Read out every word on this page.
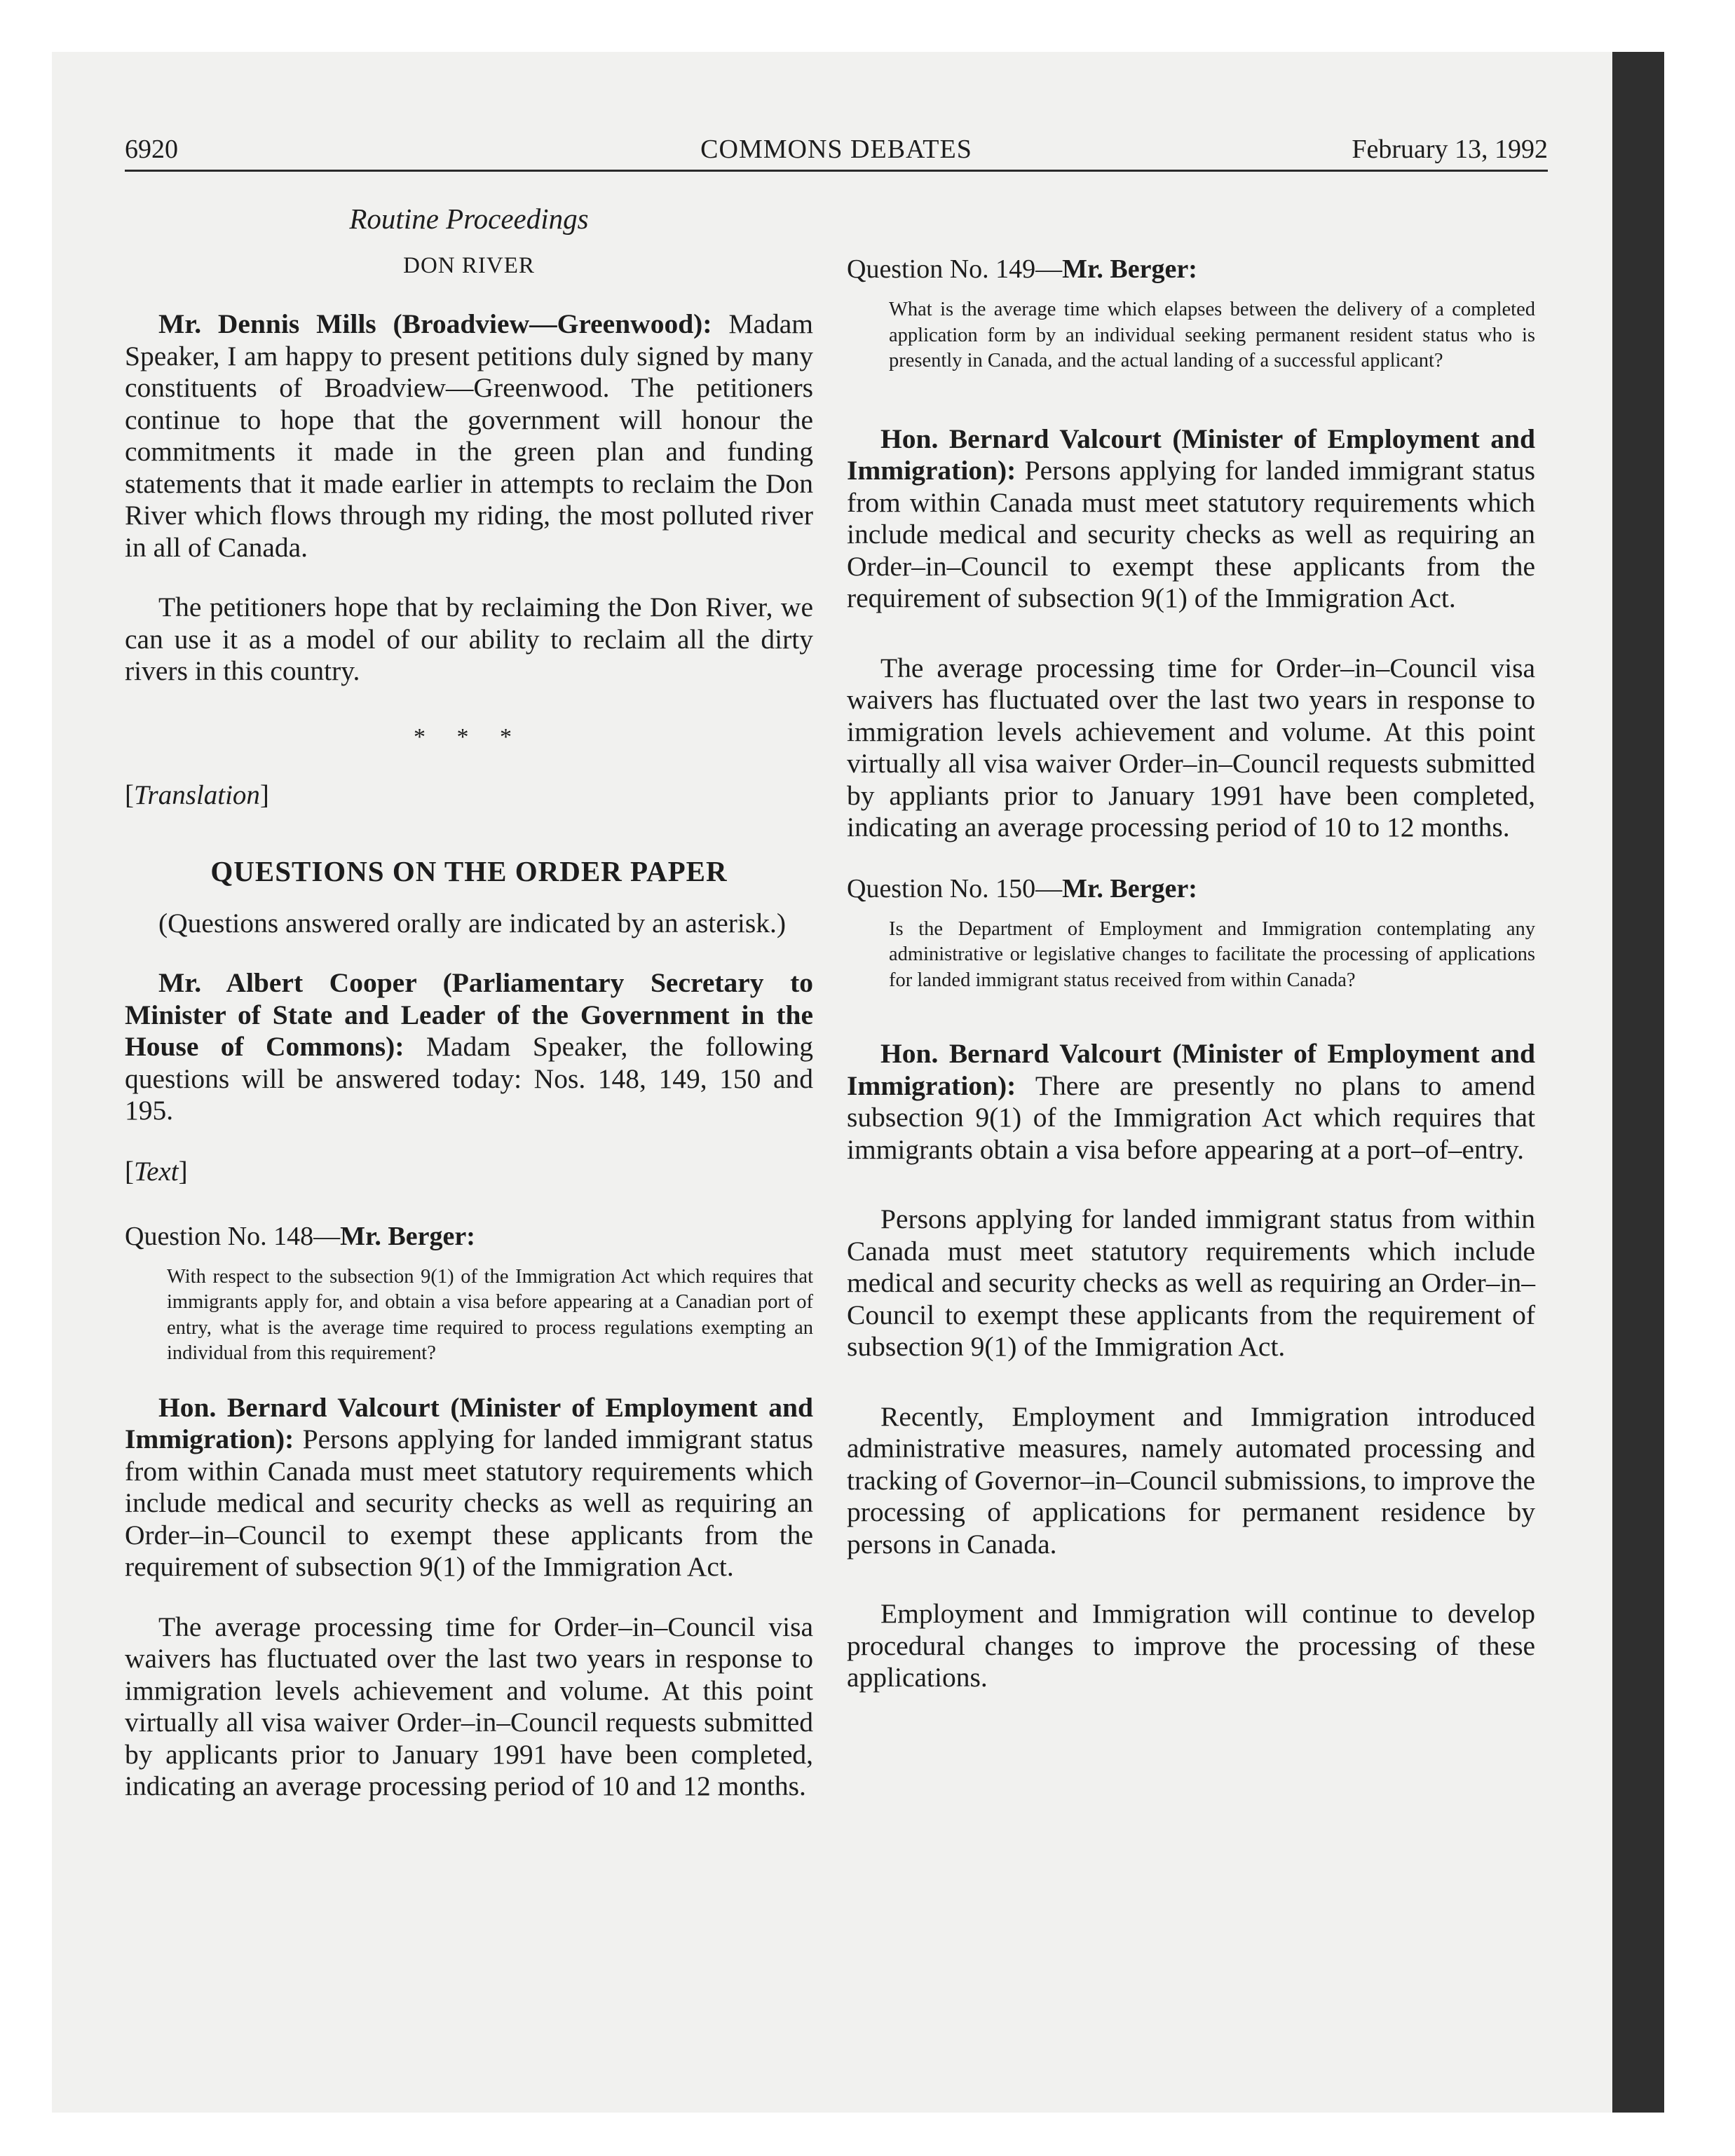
6920	COMMONS DEBATES	February 13, 1992

Routine Proceedings

DON RIVER

Mr. Dennis Mills (Broadview—Greenwood): Madam Speaker, I am happy to present petitions duly signed by many constituents of Broadview—Greenwood. The petitioners continue to hope that the government will honour the commitments it made in the green plan and funding statements that it made earlier in attempts to reclaim the Don River which flows through my riding, the most polluted river in all of Canada.

The petitioners hope that by reclaiming the Don River, we can use it as a model of our ability to reclaim all the dirty rivers in this country.

* * *

[Translation]

QUESTIONS ON THE ORDER PAPER

(Questions answered orally are indicated by an asterisk.)

Mr. Albert Cooper (Parliamentary Secretary to Minister of State and Leader of the Government in the House of Commons): Madam Speaker, the following questions will be answered today: Nos. 148, 149, 150 and 195.

[Text]

Question No. 148—Mr. Berger:

With respect to the subsection 9(1) of the Immigration Act which requires that immigrants apply for, and obtain a visa before appearing at a Canadian port of entry, what is the average time required to process regulations exempting an individual from this requirement?

Hon. Bernard Valcourt (Minister of Employment and Immigration): Persons applying for landed immigrant status from within Canada must meet statutory requirements which include medical and security checks as well as requiring an Order–in–Council to exempt these applicants from the requirement of subsection 9(1) of the Immigration Act.

The average processing time for Order–in–Council visa waivers has fluctuated over the last two years in response to immigration levels achievement and volume. At this point virtually all visa waiver Order–in–Council requests submitted by applicants prior to January 1991 have been completed, indicating an average processing period of 10 and 12 months.

Question No. 149—Mr. Berger:

What is the average time which elapses between the delivery of a completed application form by an individual seeking permanent resident status who is presently in Canada, and the actual landing of a successful applicant?

Hon. Bernard Valcourt (Minister of Employment and Immigration): Persons applying for landed immigrant status from within Canada must meet statutory requirements which include medical and security checks as well as requiring an Order–in–Council to exempt these applicants from the requirement of subsection 9(1) of the Immigration Act.

The average processing time for Order–in–Council visa waivers has fluctuated over the last two years in response to immigration levels achievement and volume. At this point virtually all visa waiver Order–in–Council requests submitted by appliants prior to January 1991 have been completed, indicating an average processing period of 10 to 12 months.

Question No. 150—Mr. Berger:

Is the Department of Employment and Immigration contemplating any administrative or legislative changes to facilitate the processing of applications for landed immigrant status received from within Canada?

Hon. Bernard Valcourt (Minister of Employment and Immigration): There are presently no plans to amend subsection 9(1) of the Immigration Act which requires that immigrants obtain a visa before appearing at a port–of–entry.

Persons applying for landed immigrant status from within Canada must meet statutory requirements which include medical and security checks as well as requiring an Order–in–Council to exempt these applicants from the requirement of subsection 9(1) of the Immigration Act.

Recently, Employment and Immigration introduced administrative measures, namely automated processing and tracking of Governor–in–Council submissions, to improve the processing of applications for permanent residence by persons in Canada.

Employment and Immigration will continue to develop procedural changes to improve the processing of these applications.
